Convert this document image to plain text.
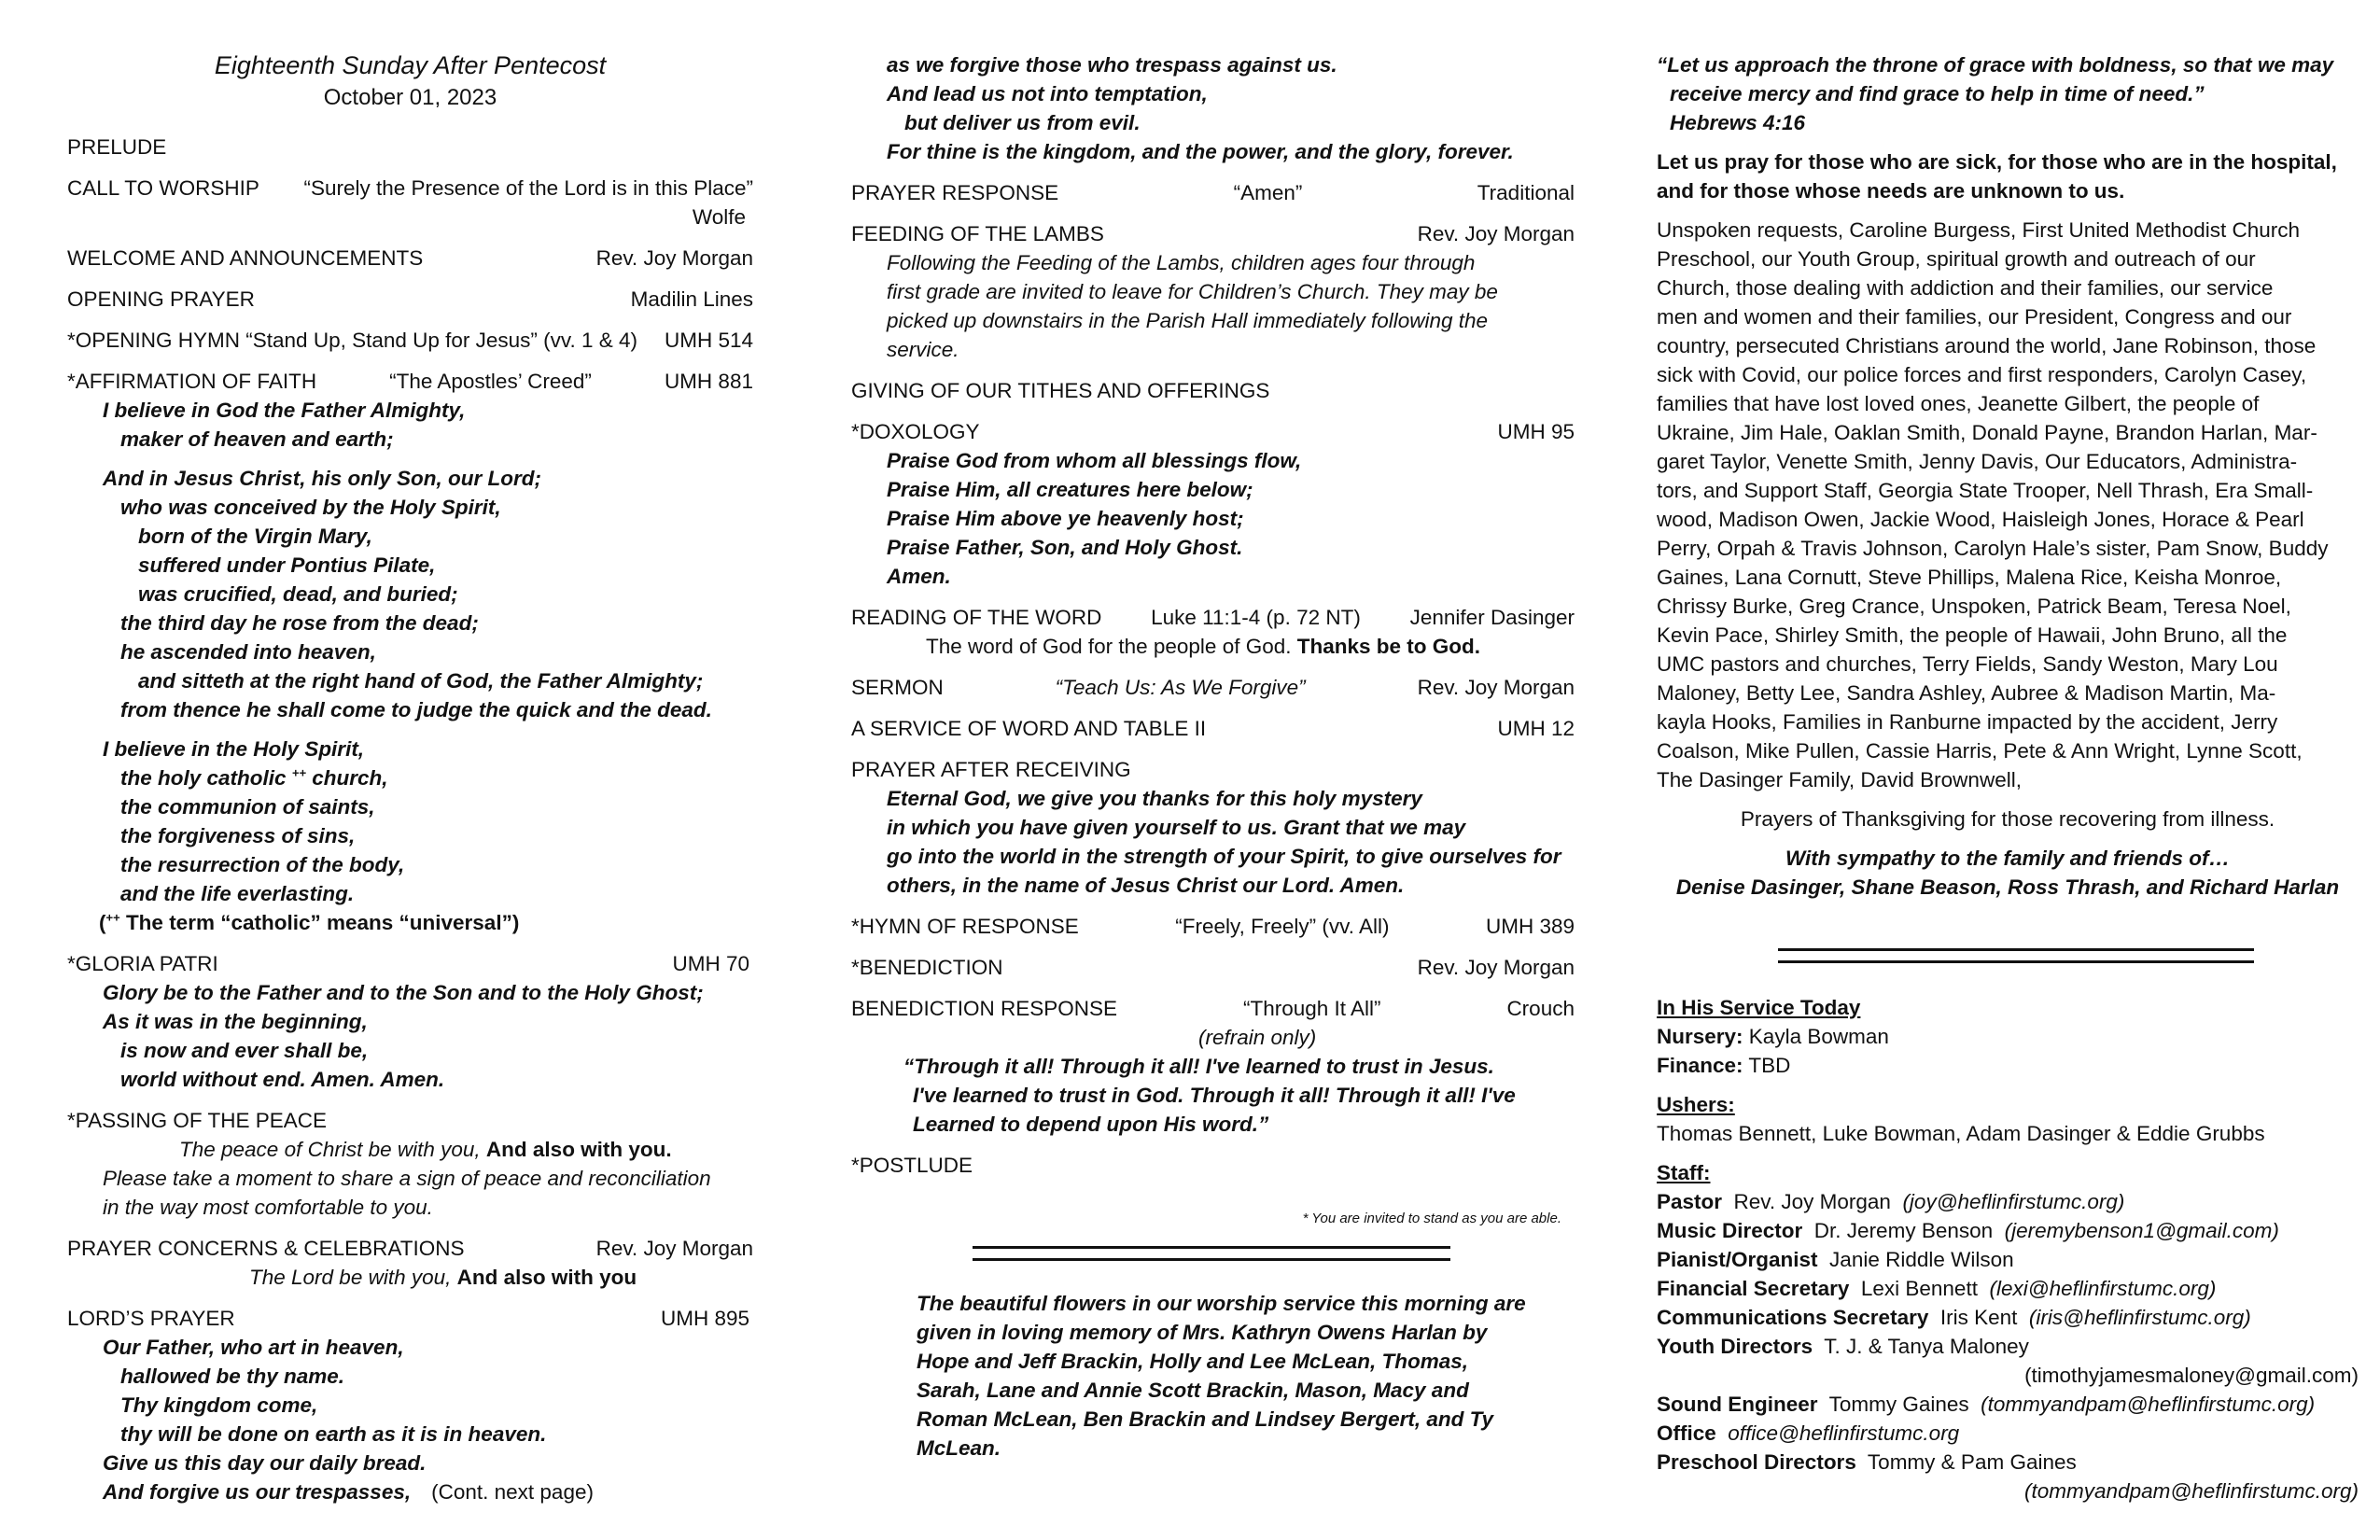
Eighteenth Sunday After Pentecost
October 01, 2023
PRELUDE
CALL TO WORSHIP “Surely the Presence of the Lord is in this Place”
Wolfe
WELCOME AND ANNOUNCEMENTS	Rev. Joy Morgan
OPENING PRAYER	Madilin Lines
*OPENING HYMN “Stand Up, Stand Up for Jesus” (vv. 1 & 4) UMH 514
*AFFIRMATION OF FAITH	“The Apostles’ Creed”	UMH 881
I believe in God the Father Almighty,
maker of heaven and earth;
And in Jesus Christ, his only Son, our Lord;
who was conceived by the Holy Spirit,
born of the Virgin Mary,
suffered under Pontius Pilate,
was crucified, dead, and buried;
the third day he rose from the dead;
he ascended into heaven,
and sitteth at the right hand of God, the Father Almighty;
from thence he shall come to judge the quick and the dead.
I believe in the Holy Spirit,
the holy catholic ++ church,
the communion of saints,
the forgiveness of sins,
the resurrection of the body,
and the life everlasting.
(++ The term “catholic” means “universal”)
*GLORIA PATRI	UMH 70
Glory be to the Father and to the Son and to the Holy Ghost;
As it was in the beginning,
is now and ever shall be,
world without end. Amen. Amen.
*PASSING OF THE PEACE
The peace of Christ be with you, And also with you.
Please take a moment to share a sign of peace and reconciliation
in the way most comfortable to you.
PRAYER CONCERNS & CELEBRATIONS	Rev. Joy Morgan
The Lord be with you, And also with you
LORD’S PRAYER	UMH 895
Our Father, who art in heaven,
hallowed be thy name.
Thy kingdom come,
thy will be done on earth as it is in heaven.
Give us this day our daily bread.
And forgive us our trespasses, (Cont. next page)
as we forgive those who trespass against us.
And lead us not into temptation,
but deliver us from evil.
For thine is the kingdom, and the power, and the glory, forever.
PRAYER RESPONSE	“Amen”	Traditional
FEEDING OF THE LAMBS	Rev. Joy Morgan
Following the Feeding of the Lambs, children ages four through
first grade are invited to leave for Children’s Church. They may be
picked up downstairs in the Parish Hall immediately following the
service.
GIVING OF OUR TITHES AND OFFERINGS
*DOXOLOGY	UMH 95
Praise God from whom all blessings flow,
Praise Him, all creatures here below;
Praise Him above ye heavenly host;
Praise Father, Son, and Holy Ghost.
Amen.
READING OF THE WORD Luke 11:1-4 (p. 72 NT) Jennifer Dasinger
The word of God for the people of God. Thanks be to God.
SERMON	“Teach Us: As We Forgive”	Rev. Joy Morgan
A SERVICE OF WORD AND TABLE II	UMH 12
PRAYER AFTER RECEIVING
Eternal God, we give you thanks for this holy mystery
in which you have given yourself to us. Grant that we may
go into the world in the strength of your Spirit, to give ourselves for
others, in the name of Jesus Christ our Lord. Amen.
*HYMN OF RESPONSE	“Freely, Freely” (vv. All)	UMH 389
*BENEDICTION	Rev. Joy Morgan
BENEDICTION RESPONSE	“Through It All”	Crouch
(refrain only)
“Through it all! Through it all! I've learned to trust in Jesus.
I've learned to trust in God. Through it all! Through it all! I've
Learned to depend upon His word.”
*POSTLUDE
* You are invited to stand as you are able.
The beautiful flowers in our worship service this morning are
given in loving memory of Mrs. Kathryn Owens Harlan by
Hope and Jeff Brackin, Holly and Lee McLean, Thomas,
Sarah, Lane and Annie Scott Brackin, Mason, Macy and
Roman McLean, Ben Brackin and Lindsey Bergert, and Ty
McLean.
“Let us approach the throne of grace with boldness, so that we may
receive mercy and find grace to help in time of need.”
Hebrews 4:16
Let us pray for those who are sick, for those who are in the hospital,
and for those whose needs are unknown to us.
Unspoken requests, Caroline Burgess, First United Methodist Church
Preschool, our Youth Group, spiritual growth and outreach of our
Church, those dealing with addiction and their families, our service
men and women and their families, our President, Congress and our
country, persecuted Christians around the world, Jane Robinson, those
sick with Covid, our police forces and first responders, Carolyn Casey,
families that have lost loved ones, Jeanette Gilbert, the people of
Ukraine, Jim Hale, Oaklan Smith, Donald Payne, Brandon Harlan, Mar-
garet Taylor, Venette Smith, Jenny Davis, Our Educators, Administra-
tors, and Support Staff, Georgia State Trooper, Nell Thrash, Era Small-
wood, Madison Owen, Jackie Wood, Haisleigh Jones, Horace & Pearl
Perry, Orpah & Travis Johnson, Carolyn Hale’s sister, Pam Snow, Buddy
Gaines, Lana Cornutt, Steve Phillips, Malena Rice, Keisha Monroe,
Chrissy Burke, Greg Crance, Unspoken, Patrick Beam, Teresa Noel,
Kevin Pace, Shirley Smith, the people of Hawaii, John Bruno, all the
UMC pastors and churches, Terry Fields, Sandy Weston, Mary Lou
Maloney, Betty Lee, Sandra Ashley, Aubree & Madison Martin, Ma-
kayla Hooks, Families in Ranburne impacted by the accident, Jerry
Coalson, Mike Pullen, Cassie Harris, Pete & Ann Wright, Lynne Scott,
The Dasinger Family, David Brownwell,
Prayers of Thanksgiving for those recovering from illness.
With sympathy to the family and friends of…
Denise Dasinger, Shane Beason, Ross Thrash, and Richard Harlan
In His Service Today
Nursery: Kayla Bowman
Finance: TBD
Ushers:
Thomas Bennett, Luke Bowman, Adam Dasinger & Eddie Grubbs
Staff:
Pastor  Rev. Joy Morgan  (joy@heflinfirstumc.org)
Music Director  Dr. Jeremy Benson  (jeremybenson1@gmail.com)
Pianist/Organist  Janie Riddle Wilson
Financial Secretary  Lexi Bennett  (lexi@heflinfirstumc.org)
Communications Secretary  Iris Kent  (iris@heflinfirstumc.org)
Youth Directors  T. J. & Tanya Maloney
(timothyjamesmaloney@gmail.com)
Sound Engineer  Tommy Gaines  (tommyandpam@heflinfirstumc.org)
Office  office@heflinfirstumc.org
Preschool Directors  Tommy & Pam Gaines
(tommyandpam@heflinfirstumc.org)
